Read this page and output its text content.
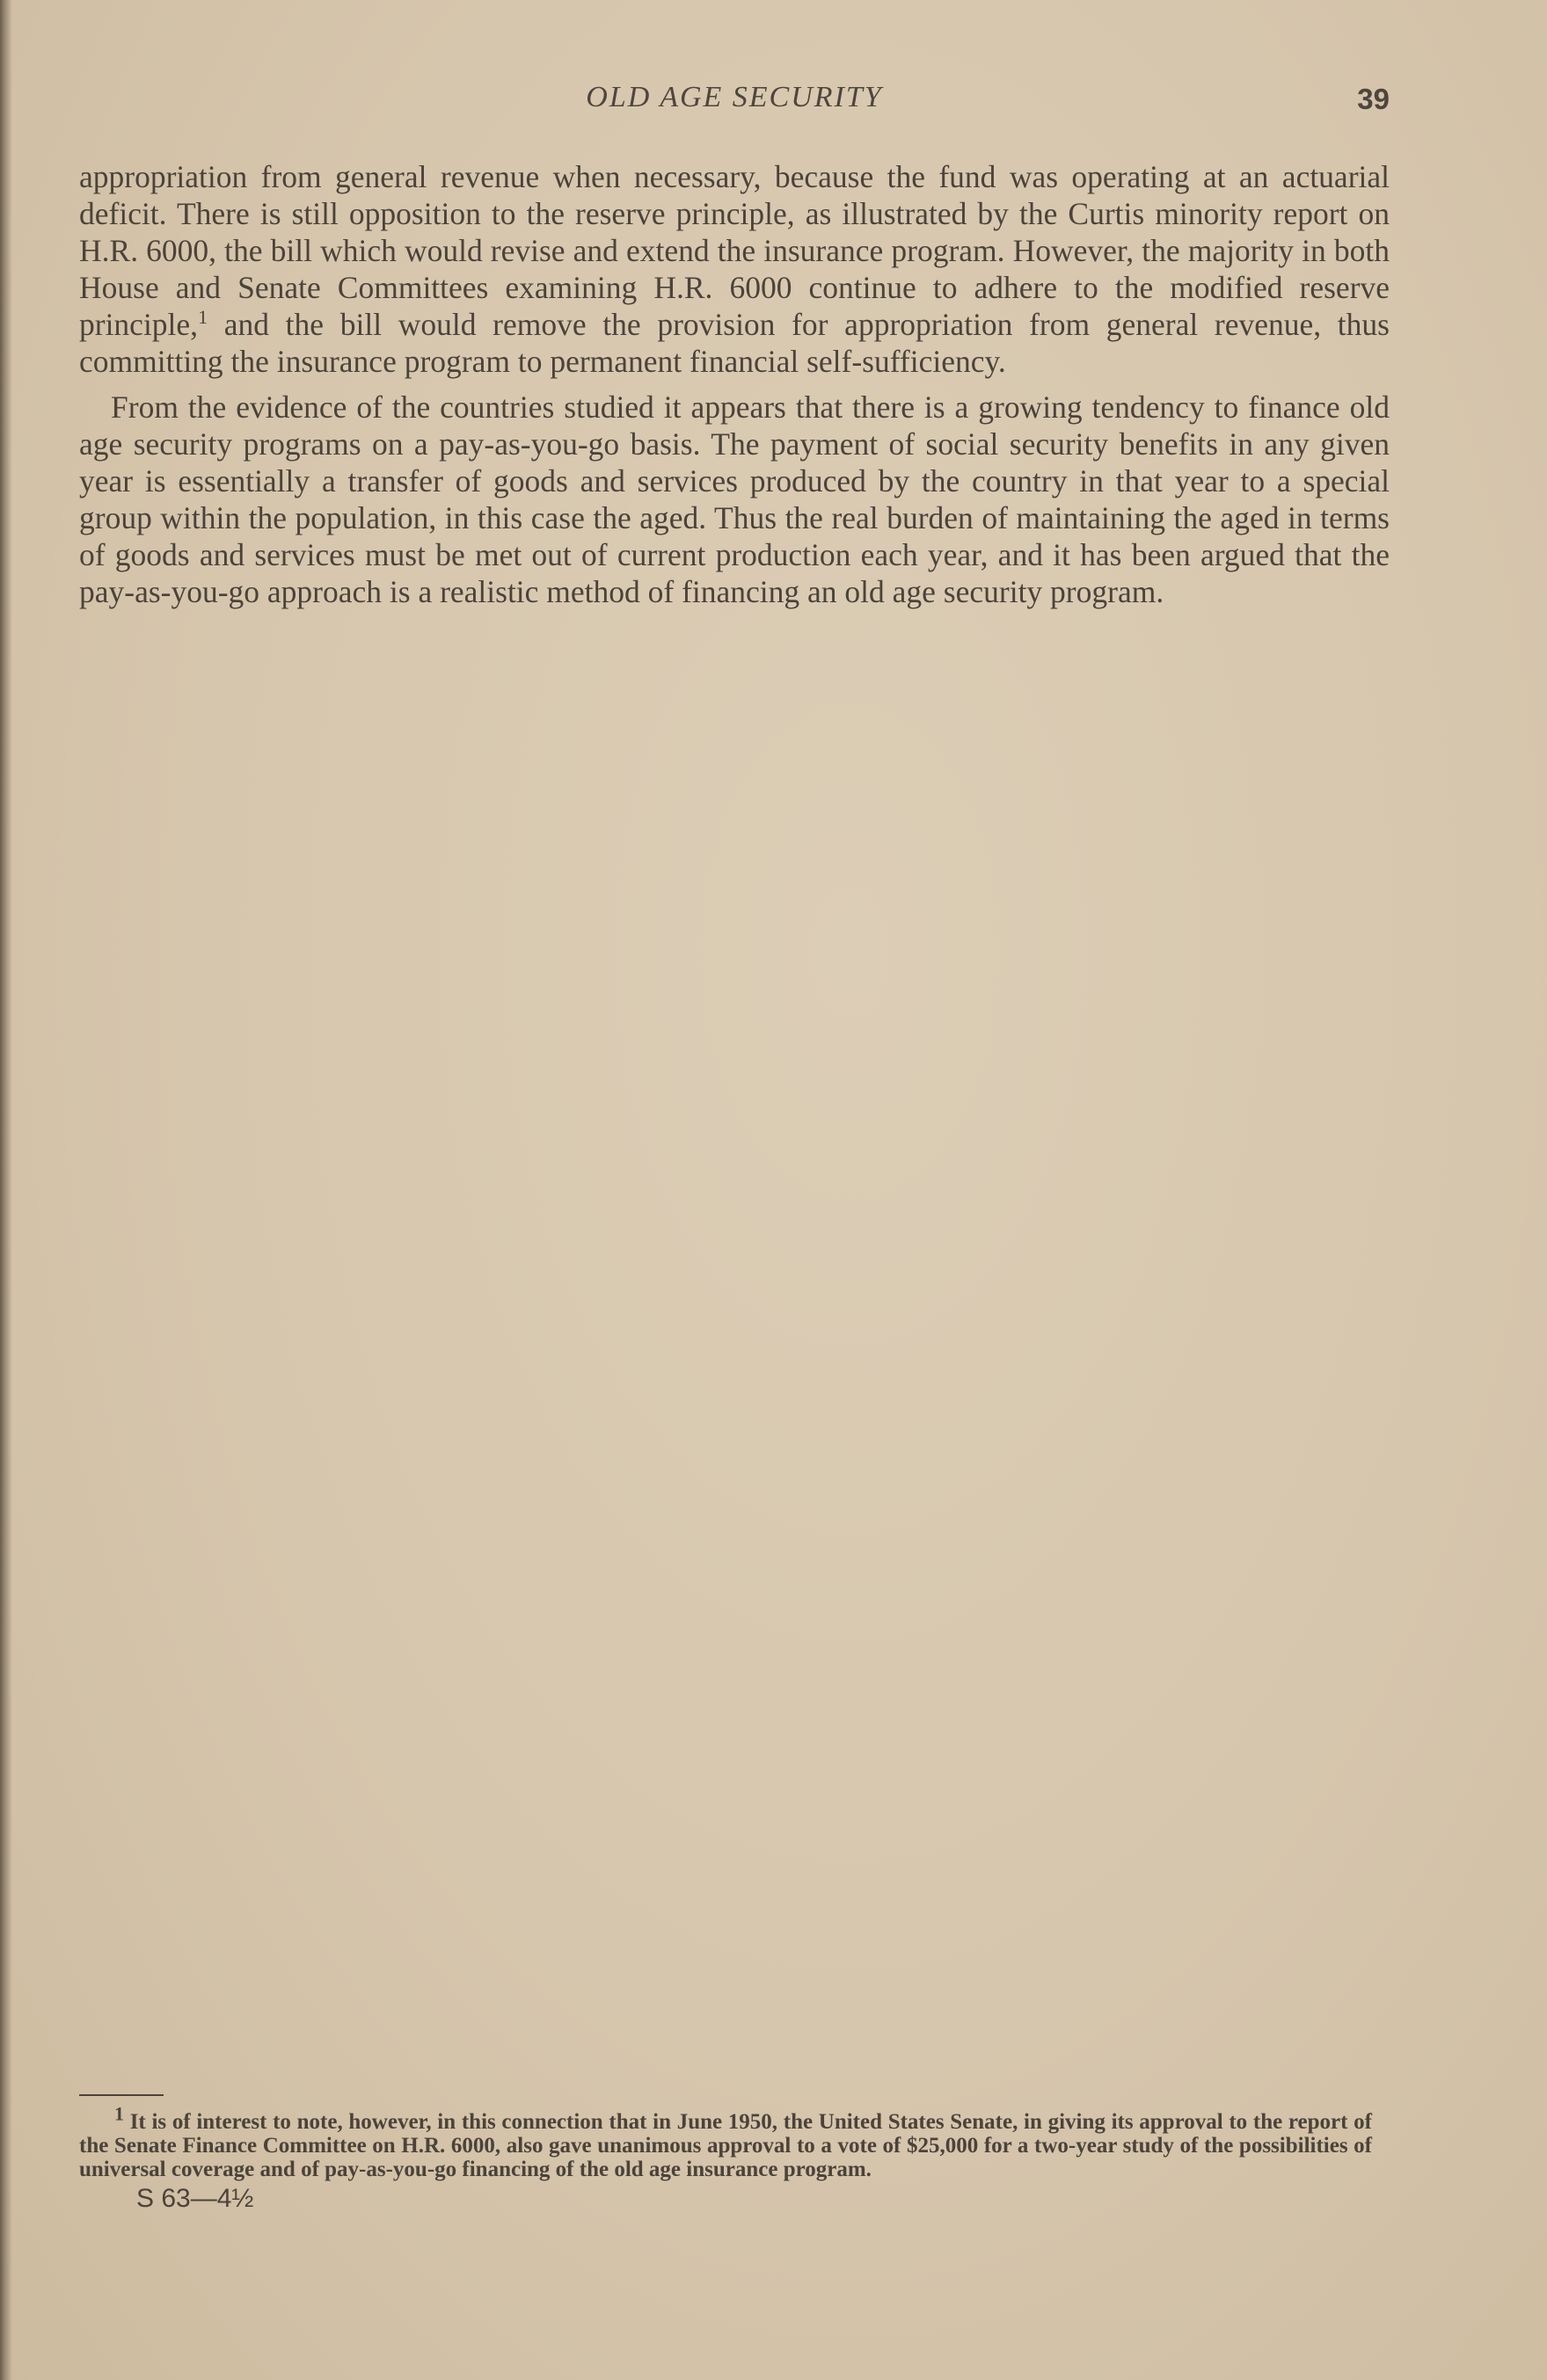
OLD AGE SECURITY	39

appropriation from general revenue when necessary, because the fund was operating at an actuarial deficit. There is still opposition to the reserve principle, as illustrated by the Curtis minority report on H.R. 6000, the bill which would revise and extend the insurance program. However, the majority in both House and Senate Committees examining H.R. 6000 continue to adhere to the modified reserve principle,$^1$ and the bill would remove the provision for appropriation from general revenue, thus committing the insurance program to permanent financial self-sufficiency.

From the evidence of the countries studied it appears that there is a growing tendency to finance old age security programs on a pay-as-you-go basis. The payment of social security benefits in any given year is essentially a transfer of goods and services produced by the country in that year to a special group within the population, in this case the aged. Thus the real burden of maintaining the aged in terms of goods and services must be met out of current production each year, and it has been argued that the pay-as-you-go approach is a realistic method of financing an old age security program.

$^1$ It is of interest to note, however, in this connection that in June 1950, the United States Senate, in giving its approval to the report of the Senate Finance Committee on H.R. 6000, also gave unanimous approval to a vote of $25,000 for a two-year study of the possibilities of universal coverage and of pay-as-you-go financing of the old age insurance program.
S 63—4½
